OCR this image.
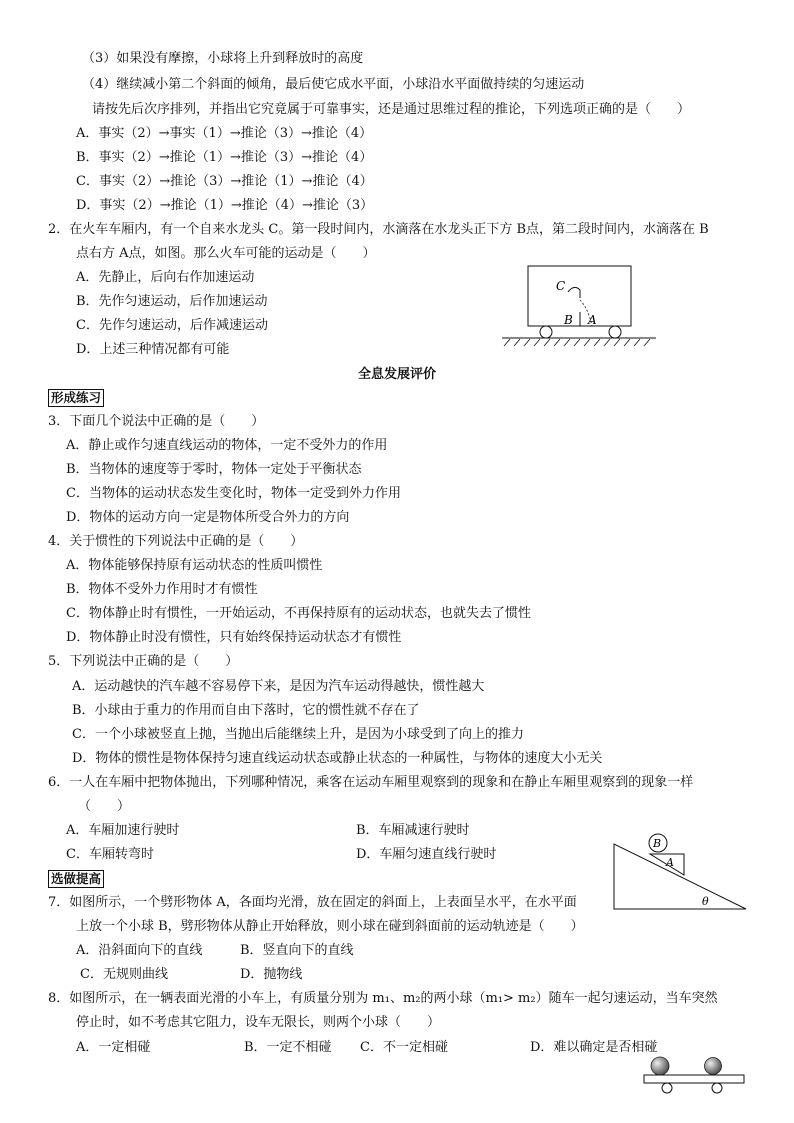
（3）如果没有摩擦，小球将上升到释放时的高度
（4）继续减小第二个斜面的倾角，最后使它成水平面，小球沿水平面做持续的匀速运动
请按先后次序排列，并指出它究竟属于可靠事实，还是通过思维过程的推论，下列选项正确的是（　　）
A．事实（2）→事实（1）→推论（3）→推论（4）
B．事实（2）→推论（1）→推论（3）→推论（4）
C．事实（2）→推论（3）→推论（1）→推论（4）
D．事实（2）→推论（1）→推论（4）→推论（3）
2．在火车车厢内，有一个自来水龙头 C。第一段时间内，水滴落在水龙头正下方 B点，第二段时间内，水滴落在 B
点右方 A点，如图。那么火车可能的运动是（　　）
A．先静止，后向右作加速运动
B．先作匀速运动，后作加速运动
C．先作匀速运动，后作减速运动
D．上述三种情况都有可能
C
B A
全息发展评价
形成练习
3．下面几个说法中正确的是（　　）
A．静止或作匀速直线运动的物体，一定不受外力的作用
B．当物体的速度等于零时，物体一定处于平衡状态
C．当物体的运动状态发生变化时，物体一定受到外力作用
D．物体的运动方向一定是物体所受合外力的方向
4．关于惯性的下列说法中正确的是（　　）
A．物体能够保持原有运动状态的性质叫惯性
B．物体不受外力作用时才有惯性
C．物体静止时有惯性，一开始运动，不再保持原有的运动状态，也就失去了惯性
D．物体静止时没有惯性，只有始终保持运动状态才有惯性
5．下列说法中正确的是（　　）
A．运动越快的汽车越不容易停下来，是因为汽车运动得越快，惯性越大
B．小球由于重力的作用而自由下落时，它的惯性就不存在了
C．一个小球被竖直上抛，当抛出后能继续上升，是因为小球受到了向上的推力
D．物体的惯性是物体保持匀速直线运动状态或静止状态的一种属性，与物体的速度大小无关
6．一人在车厢中把物体抛出，下列哪种情况，乘客在运动车厢里观察到的现象和在静止车厢里观察到的现象一样
（　　）
A．车厢加速行驶时	B．车厢减速行驶时
C．车厢转弯时	D．车厢匀速直线行驶时
选做提高
B
A
θ
7．如图所示，一个劈形物体 A，各面均光滑，放在固定的斜面上，上表面呈水平，在水平面
上放一个小球 B，劈形物体从静止开始释放，则小球在碰到斜面前的运动轨迹是（　　）
A．沿斜面向下的直线	B．竖直向下的直线
C．无规则曲线	D．抛物线
8．如图所示，在一辆表面光滑的小车上，有质量分别为 m₁、m₂的两小球（m₁> m₂）随车一起匀速运动，当车突然
停止时，如不考虑其它阻力，设车无限长，则两个小球（　　）
A．一定相碰	B．一定不相碰 C．不一定相碰	D．难以确定是否相碰
